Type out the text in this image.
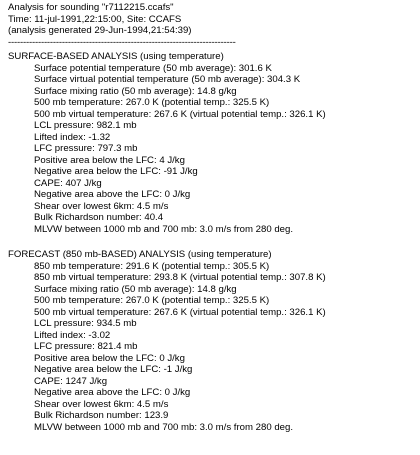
Analysis for sounding "r7112215.ccafs"
Time: 11-jul-1991,22:15:00, Site: CCAFS
(analysis generated 29-Jun-1994,21:54:39)
----------------------------------------------------------------------------
SURFACE-BASED ANALYSIS (using temperature)
Surface potential temperature (50 mb average): 301.6 K
Surface virtual potential temperature (50 mb average): 304.3 K
Surface mixing ratio (50 mb average): 14.8 g/kg
500 mb temperature: 267.0 K (potential temp.: 325.5 K)
500 mb virtual temperature: 267.6 K (virtual potential temp.: 326.1 K)
LCL pressure: 982.1 mb
Lifted index: -1.32
LFC pressure: 797.3 mb
Positive area below the LFC: 4 J/kg
Negative area below the LFC: -91 J/kg
CAPE: 407 J/kg
Negative area above the LFC: 0 J/kg
Shear over lowest 6km: 4.5 m/s
Bulk Richardson number: 40.4
MLVW between 1000 mb and 700 mb: 3.0 m/s from 280 deg.
FORECAST (850 mb-BASED) ANALYSIS (using temperature)
850 mb temperature: 291.6 K (potential temp.: 305.5 K)
850 mb virtual temperature: 293.8 K (virtual potential temp.: 307.8 K)
Surface mixing ratio (50 mb average): 14.8 g/kg
500 mb temperature: 267.0 K (potential temp.: 325.5 K)
500 mb virtual temperature: 267.6 K (virtual potential temp.: 326.1 K)
LCL pressure: 934.5 mb
Lifted index: -3.02
LFC pressure: 821.4 mb
Positive area below the LFC: 0 J/kg
Negative area below the LFC: -1 J/kg
CAPE: 1247 J/kg
Negative area above the LFC: 0 J/kg
Shear over lowest 6km: 4.5 m/s
Bulk Richardson number: 123.9
MLVW between 1000 mb and 700 mb: 3.0 m/s from 280 deg.
